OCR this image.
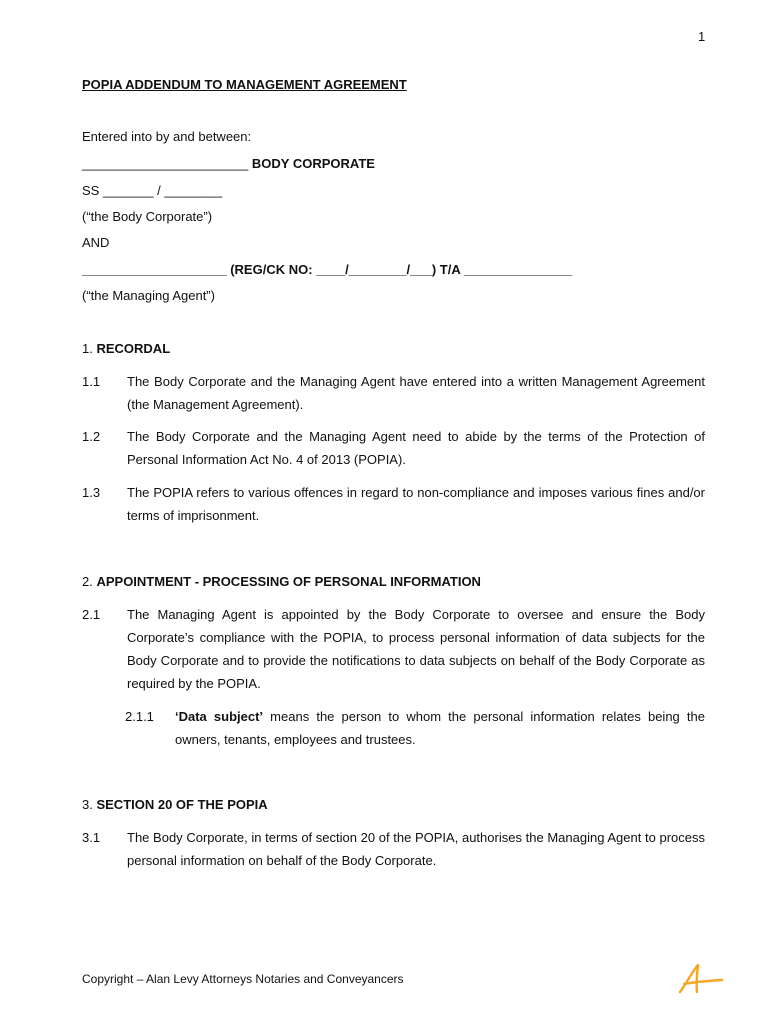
1
POPIA ADDENDUM TO MANAGEMENT AGREEMENT
Entered into by and between:
_______________________ BODY CORPORATE
SS _______ / ________
(“the Body Corporate”)
AND
____________________ (REG/CK NO: ____/________/___) T/A _______________
(“the Managing Agent”)
1. RECORDAL
1.1 The Body Corporate and the Managing Agent have entered into a written Management Agreement (the Management Agreement).
1.2 The Body Corporate and the Managing Agent need to abide by the terms of the Protection of Personal Information Act No. 4 of 2013 (POPIA).
1.3 The POPIA refers to various offences in regard to non-compliance and imposes various fines and/or terms of imprisonment.
2. APPOINTMENT - PROCESSING OF PERSONAL INFORMATION
2.1 The Managing Agent is appointed by the Body Corporate to oversee and ensure the Body Corporate’s compliance with the POPIA, to process personal information of data subjects for the Body Corporate and to provide the notifications to data subjects on behalf of the Body Corporate as required by the POPIA.
2.1.1 ‘Data subject’ means the person to whom the personal information relates being the owners, tenants, employees and trustees.
3. SECTION 20 OF THE POPIA
3.1 The Body Corporate, in terms of section 20 of the POPIA, authorises the Managing Agent to process personal information on behalf of the Body Corporate.
Copyright – Alan Levy Attorneys Notaries and Conveyancers
